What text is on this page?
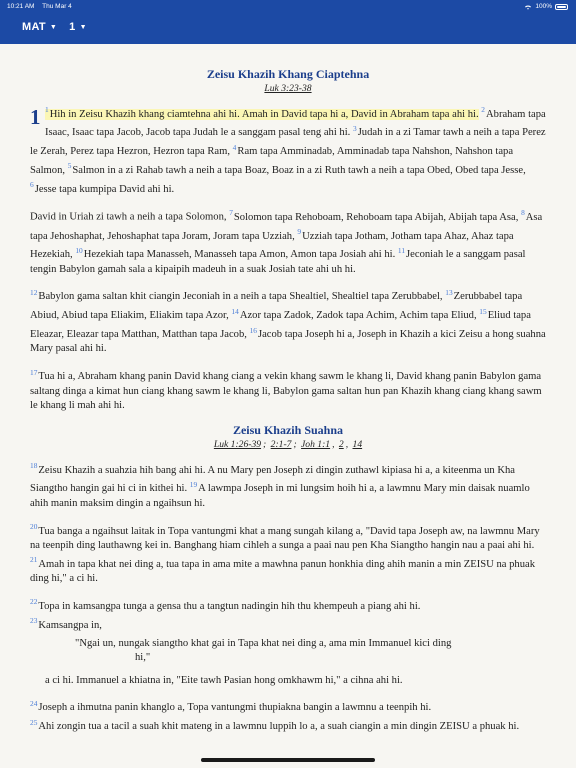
10:21 AM Thu Mar 4	100%
MAT ▼ 1 ▼
Zeisu Khazih Khang Ciaptehna
Luk 3:23-38

1 $^1$Hih in Zeisu Khazih khang ciamtehna ahi hi. Amah in David tapa hi a, David in Abraham tapa ahi hi. $^2$Abraham tapa Isaac, Isaac tapa Jacob, Jacob tapa Judah le a sanggam pasal teng ahi hi. $^3$Judah in a zi Tamar tawh a neih a tapa Perez le Zerah, Perez tapa Hezron, Hezron tapa Ram, $^4$Ram tapa Amminadab, Amminadab tapa Nahshon, Nahshon tapa Salmon, $^5$Salmon in a zi Rahab tawh a neih a tapa Boaz, Boaz in a zi Ruth tawh a neih a tapa Obed, Obed tapa Jesse, $^6$Jesse tapa kumpipa David ahi hi.

David in Uriah zi tawh a neih a tapa Solomon, $^7$Solomon tapa Rehoboam, Rehoboam tapa Abijah, Abijah tapa Asa, $^8$Asa tapa Jehoshaphat, Jehoshaphat tapa Joram, Joram tapa Uzziah, $^9$Uzziah tapa Jotham, Jotham tapa Ahaz, Ahaz tapa Hezekiah, $^{10}$Hezekiah tapa Manasseh, Manasseh tapa Amon, Amon tapa Josiah ahi hi. $^{11}$Jeconiah le a sanggam pasal tengin Babylon gamah sala a kipaipih madeuh in a suak Josiah tate ahi uh hi.

$^{12}$Babylon gama saltan khit ciangin Jeconiah in a neih a tapa Shealtiel, Shealtiel tapa Zerubbabel, $^{13}$Zerubbabel tapa Abiud, Abiud tapa Eliakim, Eliakim tapa Azor, $^{14}$Azor tapa Zadok, Zadok tapa Achim, Achim tapa Eliud, $^{15}$Eliud tapa Eleazar, Eleazar tapa Matthan, Matthan tapa Jacob, $^{16}$Jacob tapa Joseph hi a, Joseph in Khazih a kici Zeisu a hong suahna Mary pasal ahi hi.

$^{17}$Tua hi a, Abraham khang panin David khang ciang a vekin khang sawm le khang li, David khang panin Babylon gama saltang dinga a kimat hun ciang khang sawm le khang li, Babylon gama saltan hun pan Khazih khang ciang khang sawm le khang li mah ahi hi.

Zeisu Khazih Suahna
Luk 1:26-39 ; 2:1-7 ; Joh 1:1 , 2 , 14

$^{18}$Zeisu Khazih a suahzia hih bang ahi hi. A nu Mary pen Joseph zi dingin zuthawl kipiasa hi a, a kiteenma un Kha Siangtho hangin gai hi ci in kithei hi. $^{19}$A lawmpa Joseph in mi lungsim hoih hi a, a lawmnu Mary min daisak nuamlo ahih manin maksim dingin a ngaihsun hi.

$^{20}$Tua banga a ngaihsut laitak in Topa vantungmi khat a mang sungah kilang a, "David tapa Joseph aw, na lawmnu Mary na teenpih ding lauthawng kei in. Banghang hiam cihleh a sunga a paai nau pen Kha Siangtho hangin nau a paai ahi hi. $^{21}$Amah in tapa khat nei ding a, tua tapa in ama mite a mawhna panun honkhia ding ahih manin a min ZEISU na phuak ding hi," a ci hi.

$^{22}$Topa in kamsangpa tunga a gensa thu a tangtun nadingin hih thu khempeuh a piang ahi hi.
$^{23}$Kamsangpa in,

"Ngai un, nungak siangtho khat gai in Tapa khat nei ding a, ama min Immanuel kici ding
hi,"

a ci hi. Immanuel a khiatna in, "Eite tawh Pasian hong omkhawm hi," a cihna ahi hi.

$^{24}$Joseph a ihmutna panin khanglo a, Topa vantungmi thupiakna bangin a lawmnu a teenpih hi.
$^{25}$Ahi zongin tua a tacil a suah khit mateng in a lawmnu luppih lo a, a suah ciangin a min dingin ZEISU a phuak hi.
